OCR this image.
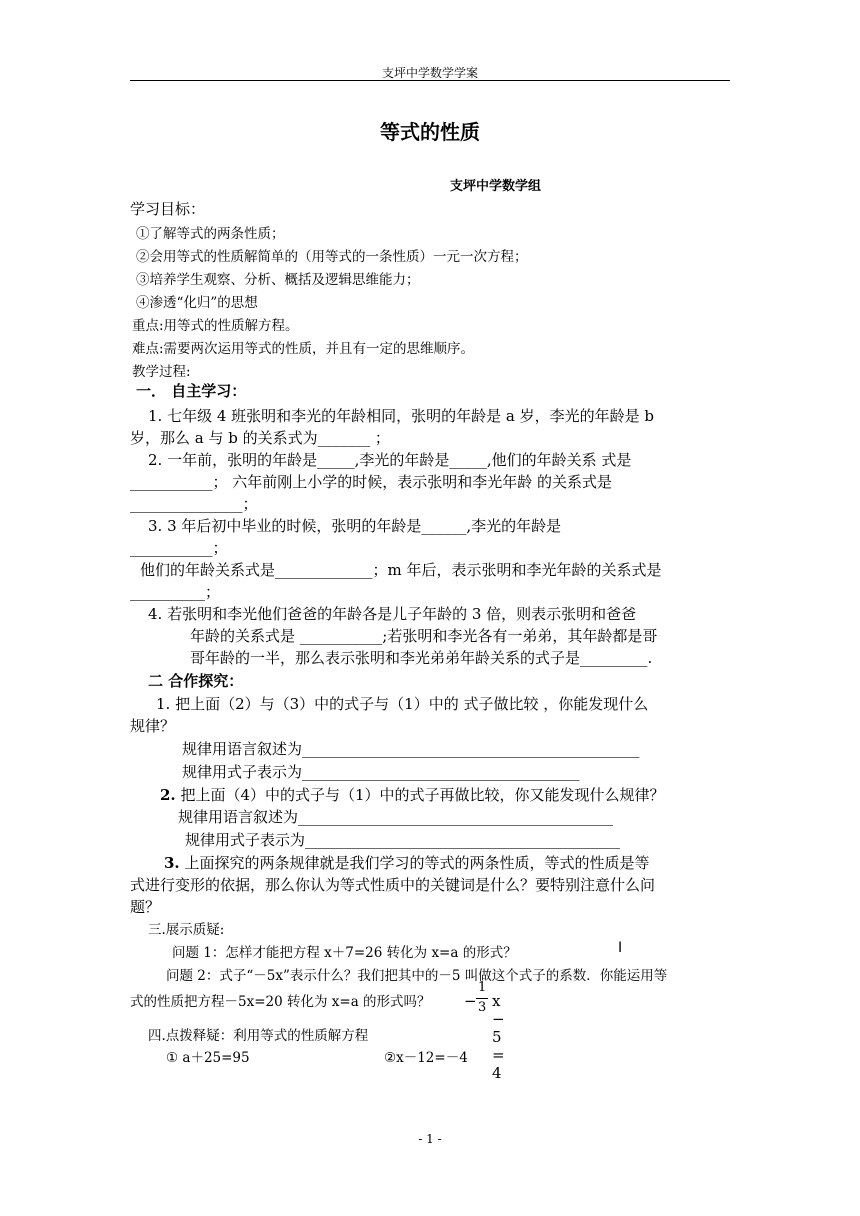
支坪中学数学学案
等式的性质
支坪中学数学组
学习目标：
①了解等式的两条性质；
②会用等式的性质解简单的（用等式的一条性质）一元一次方程；
③培养学生观察、分析、概括及逻辑思维能力；
④渗透“化归”的思想
重点:用等式的性质解方程。
难点:需要两次运用等式的性质，并且有一定的思维顺序。
教学过程:
一． 自主学习：
1. 七年级 4 班张明和李光的年龄相同，张明的年龄是 a 岁，李光的年龄是 b
岁，那么 a 与 b 的关系式为_______ ；
2. 一年前，张明的年龄是_____,李光的年龄是_____,他们的年龄关系 式是
___________； 六年前刚上小学的时候，表示张明和李光年龄 的关系式是
_______________；
3. 3 年后初中毕业的时候，张明的年龄是______,李光的年龄是
___________；
他们的年龄关系式是_____________；m 年后，表示张明和李光年龄的关系式是
__________；
4. 若张明和李光他们爸爸的年龄各是儿子年龄的 3 倍，则表示张明和爸爸
年龄的关系式是 ___________;若张明和李光各有一弟弟，其年龄都是哥
哥年龄的一半，那么表示张明和李光弟弟年龄关系的式子是_________.
二 合作探究：
1. 把上面（2）与（3）中的式子与（1）中的 式子做比较 ，你能发现什么
规律？
规律用语言叙述为_____________________________________________
规律用式子表示为_____________________________________
2. 把上面（4）中的式子与（1）中的式子再做比较，你又能发现什么规律？
规律用语言叙述为__________________________________________
规律用式子表示为__________________________________________
3. 上面探究的两条规律就是我们学习的等式的两条性质，等式的性质是等
式进行变形的依据，那么你认为等式性质中的关键词是什么？要特别注意什么问
题？
三.展示质疑:
问题 1：怎样才能把方程 x＋7=26 转化为 x=a 的形式？	I
问题 2：式子“－5x”表示什么？我们把其中的－5 叫做这个式子的系数．你能运用等
式的性质把方程－5x=20 转化为 x=a 的形式吗？ −
1
3 x − 5 = 4
四.点拨释疑：利用等式的性质解方程
① a＋25=95	②x－12=－4
- 1 -
